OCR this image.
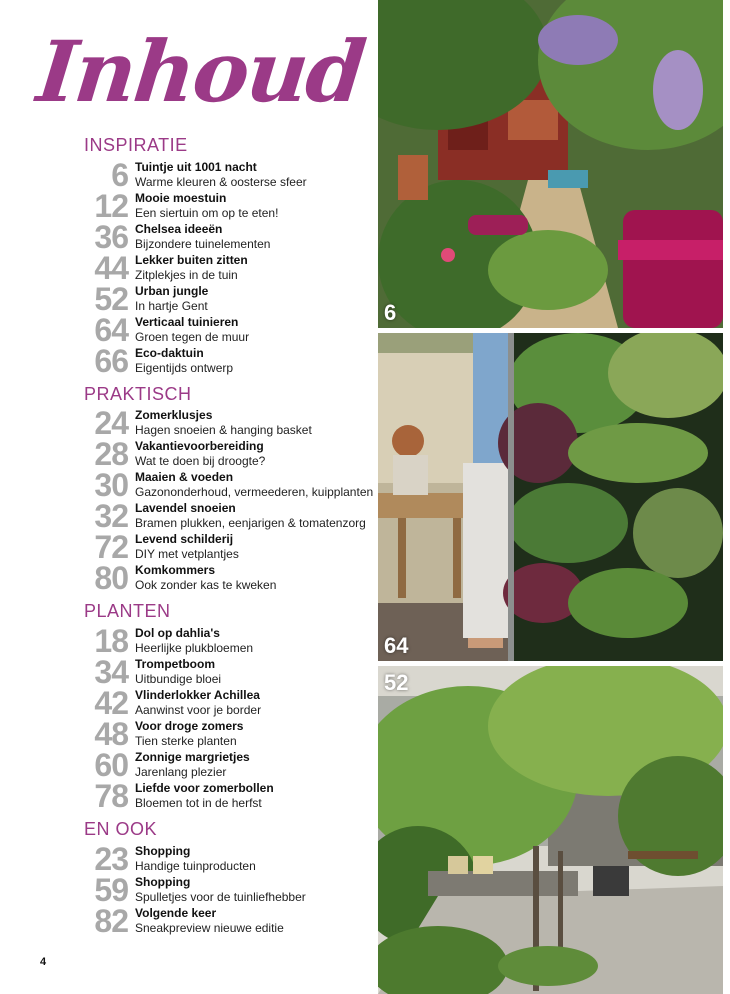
Inhoud
INSPIRATIE
6 Tuintje uit 1001 nacht
Warme kleuren & oosterse sfeer
12 Mooie moestuin
Een siertuin om op te eten!
36 Chelsea ideeën
Bijzondere tuinelementen
44 Lekker buiten zitten
Zitplekjes in de tuin
52 Urban jungle
In hartje Gent
64 Verticaal tuinieren
Groen tegen de muur
66 Eco-daktuin
Eigentijds ontwerp
PRAKTISCH
24 Zomerklusjes
Hagen snoeien & hanging basket
28 Vakantievoorbereiding
Wat te doen bij droogte?
30 Maaien & voeden
Gazononderhoud, vermeederen, kuipplanten
32 Lavendel snoeien
Bramen plukken, eenjarigen & tomatenzorg
72 Levend schilderij
DIY met vetplantjes
80 Komkommers
Ook zonder kas te kweken
PLANTEN
18 Dol op dahlia's
Heerlijke plukbloemen
34 Trompetboom
Uitbundige bloei
42 Vlinderlokker Achillea
Aanwinst voor je border
48 Voor droge zomers
Tien sterke planten
60 Zonnige margrietjes
Jarenlang plezier
78 Liefde voor zomerbollen
Bloemen tot in de herfst
EN OOK
23 Shopping
Handige tuinproducten
59 Shopping
Spulletjes voor de tuinliefhebber
82 Volgende keer
Sneakpreview nieuwe editie
4
6
64
52
